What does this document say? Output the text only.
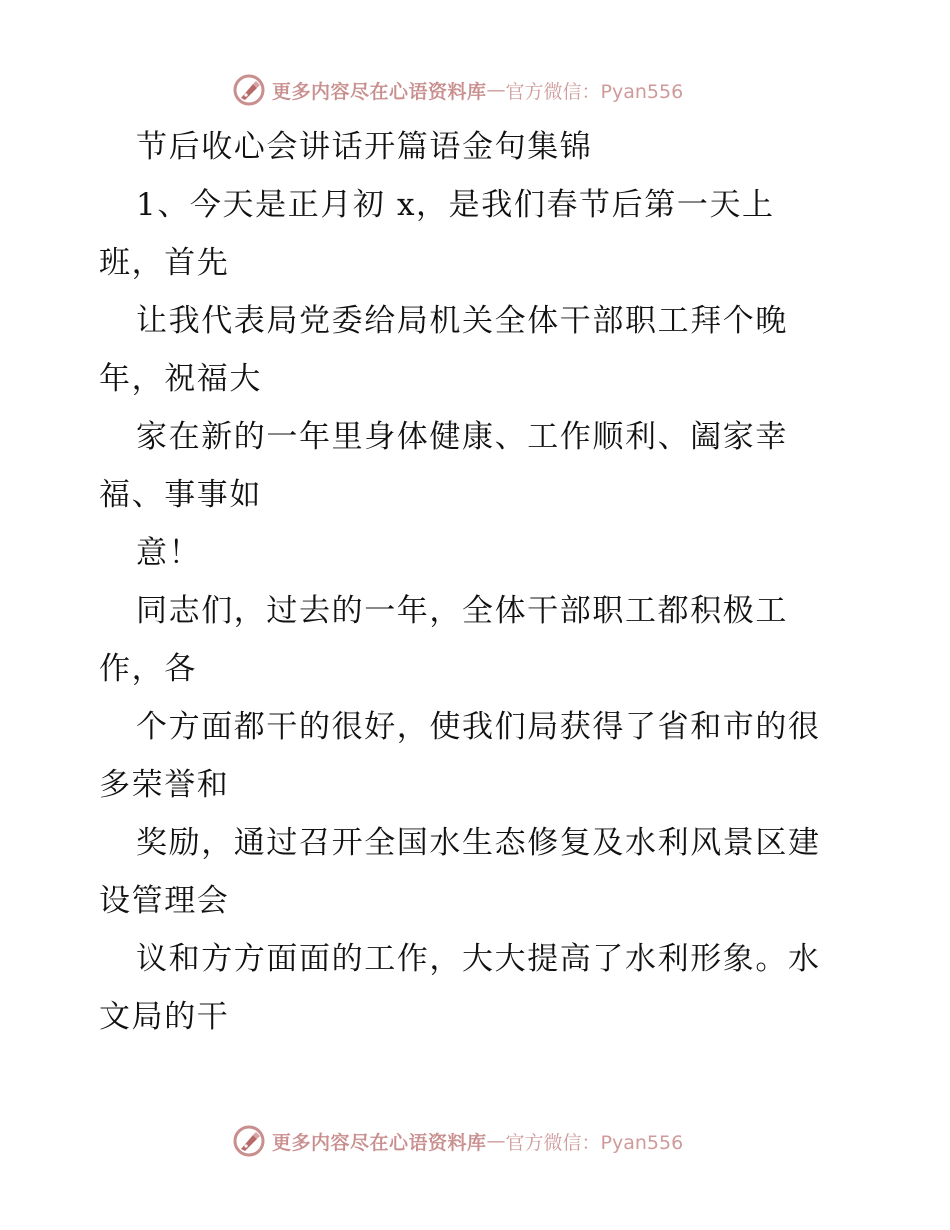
更多内容尽在心语资料库 — 官方微信：Pyan556
节后收心会讲话开篇语金句集锦
1、今天是正月初 x，是我们春节后第一天上
班，首先
让我代表局党委给局机关全体干部职工拜个晚
年，祝福大
家在新的一年里身体健康、工作顺利、阖家幸
福、事事如
意！
同志们，过去的一年，全体干部职工都积极工
作，各
个方面都干的很好，使我们局获得了省和市的很
多荣誉和
奖励，通过召开全国水生态修复及水利风景区建
设管理会
议和方方面面的工作，大大提高了水利形象。水
文局的干
更多内容尽在心语资料库 — 官方微信：Pyan556
